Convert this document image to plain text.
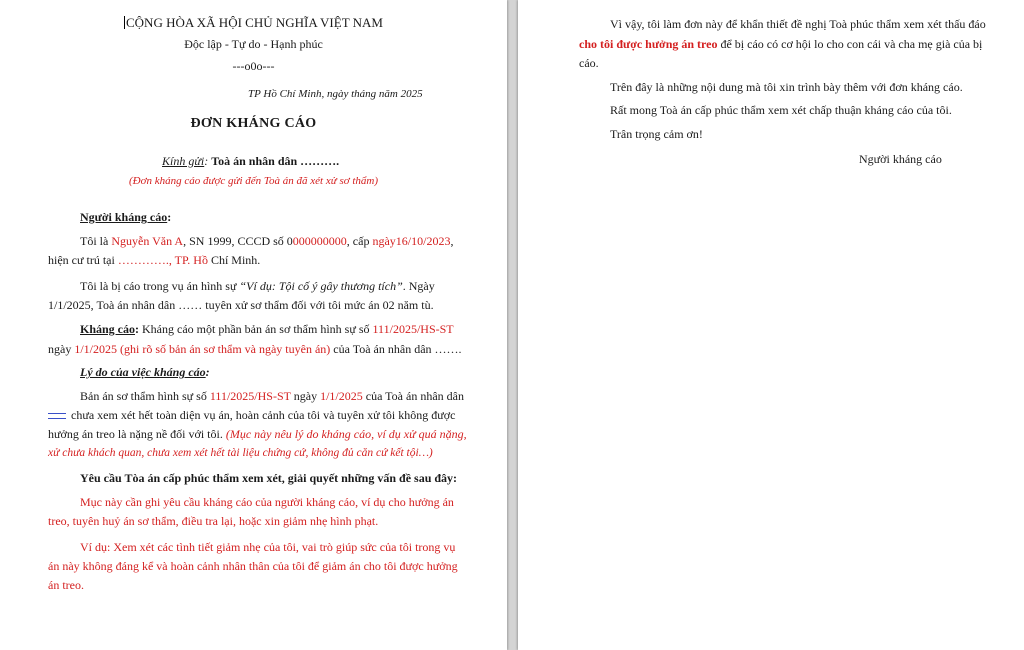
CỘNG HÒA XÃ HỘI CHỦ NGHĨA VIỆT NAM
Độc lập - Tự do - Hạnh phúc
---o0o---
TP Hồ Chí Minh, ngày tháng năm 2025
ĐƠN KHÁNG CÁO
Kính gửi: Toà án nhân dân ……….
(Đơn kháng cáo được gửi đến Toà án đã xét xử sơ thẩm)
Người kháng cáo:
Tôi là Nguyễn Văn A, SN 1999, CCCD số 0000000000, cấp ngày16/10/2023,
hiện cư trú tại …………., TP. Hồ Chí Minh.
Tôi là bị cáo trong vụ án hình sự “Ví dụ: Tội cố ý gây thương tích”. Ngày
1/1/2025, Toà án nhân dân …… tuyên xử sơ thẩm đối với tôi mức án 02 năm tù.
Kháng cáo: Kháng cáo một phần bản án sơ thẩm hình sự số 111/2025/HS-ST
ngày 1/1/2025 (ghi rõ số bản án sơ thẩm và ngày tuyên án) của Toà án nhân dân …….
Lý do của việc kháng cáo:
Bản án sơ thẩm hình sự số 111/2025/HS-ST ngày 1/1/2025 của Toà án nhân dân
chưa xem xét hết toàn diện vụ án, hoàn cảnh của tôi và tuyên xử tôi không được
hưởng án treo là nặng nề đối với tôi. (Mục này nêu lý do kháng cáo, ví dụ xử quá nặng,
xử chưa khách quan, chưa xem xét hết tài liệu chứng cứ, không đủ căn cứ kết tội…)
Yêu cầu Tòa án cấp phúc thẩm xem xét, giải quyết những vấn đề sau đây:
Mục này cần ghi yêu cầu kháng cáo của người kháng cáo, ví dụ cho hưởng án
treo, tuyên huỷ án sơ thẩm, điều tra lại, hoặc xin giảm nhẹ hình phạt.
Ví dụ: Xem xét các tình tiết giảm nhẹ của tôi, vai trò giúp sức của tôi trong vụ
án này không đáng kể và hoàn cảnh nhân thân của tôi để giảm án cho tôi được hưởng
án treo.
Vì vậy, tôi làm đơn này để khẩn thiết đề nghị Toà phúc thẩm xem xét thấu đáo
cho tôi được hưởng án treo để bị cáo có cơ hội lo cho con cái và cha mẹ già của bị
cáo.
Trên đây là những nội dung mà tôi xin trình bày thêm với đơn kháng cáo.
Rất mong Toà án cấp phúc thẩm xem xét chấp thuận kháng cáo của tôi.
Trân trọng cảm ơn!
Người kháng cáo
